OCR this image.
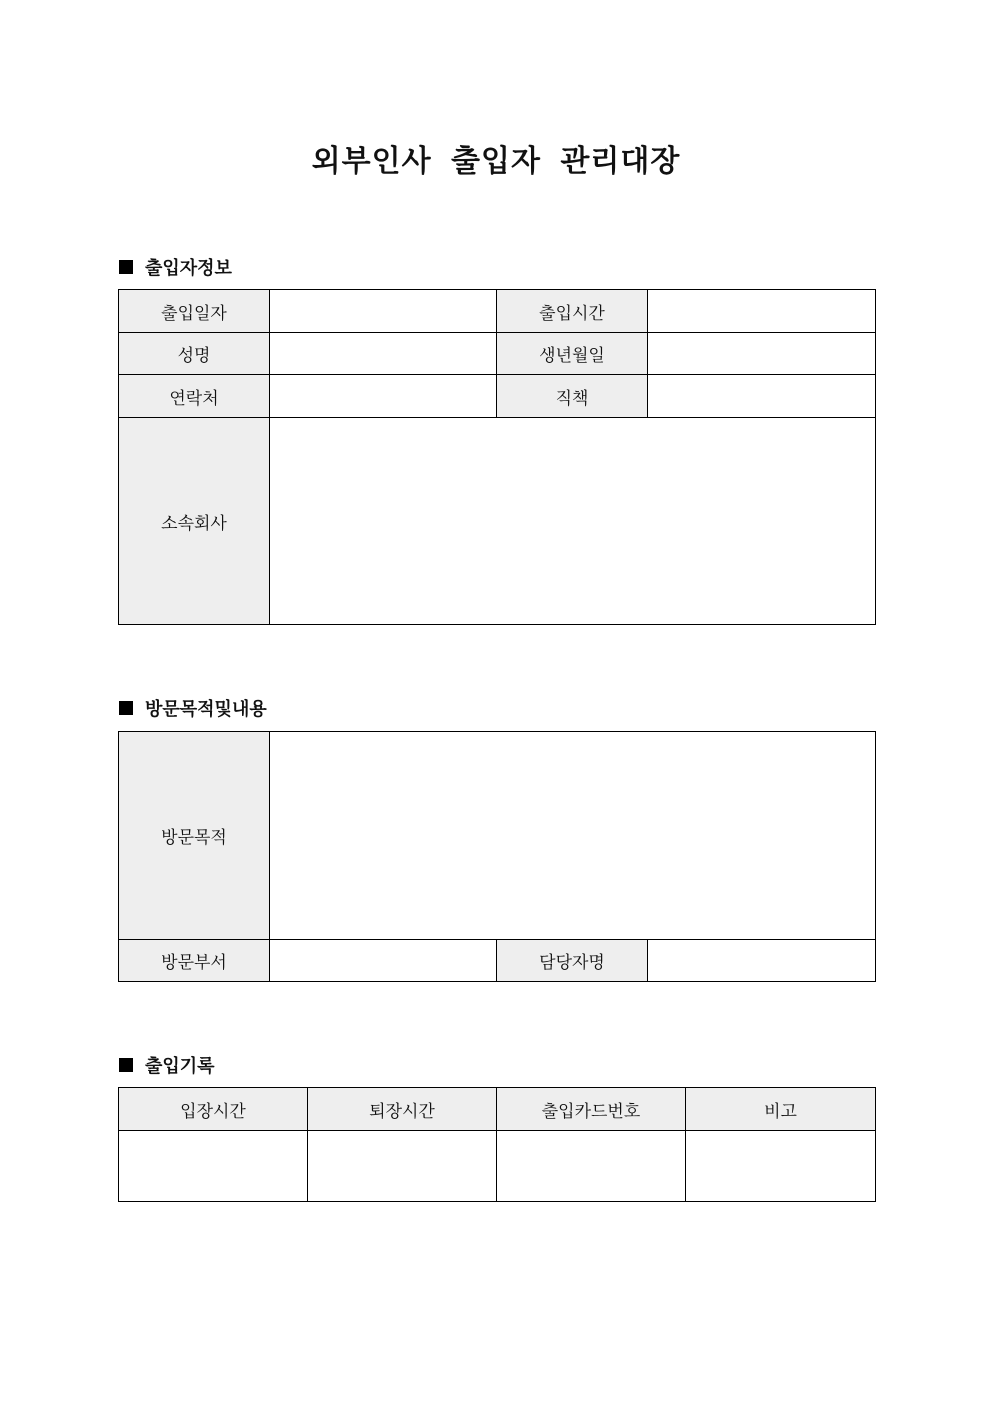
외부인사 출입자 관리대장
출입자정보
출입일자		출입시간	
성명		생년월일	
연락처		직책	
소속회사			
방문목적및내용
방문목적			
방문부서		담당자명	
출입기록
입장시간	퇴장시간	출입카드번호	비고
